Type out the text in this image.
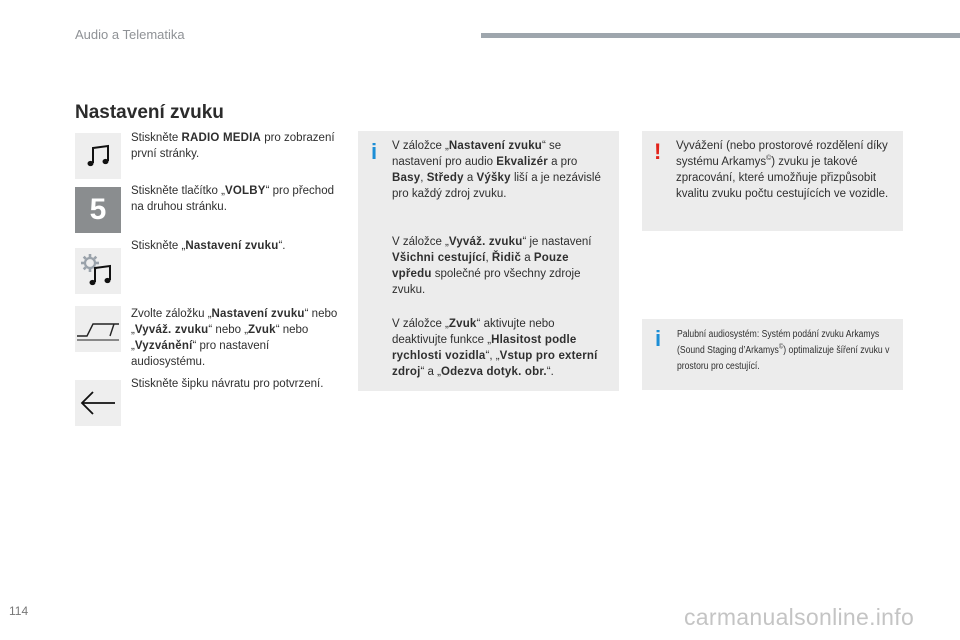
Audio a Telematika
Nastavení zvuku
Stiskněte RADIO MEDIA pro zobrazení první stránky.
5
Stiskněte tlačítko „VOLBY“ pro přechod na druhou stránku.
Stiskněte „Nastavení zvuku“.
Zvolte záložku „Nastavení zvuku“ nebo „Vyváž. zvuku“ nebo „Zvuk“ nebo „Vyzvánění“ pro nastavení audiosystému.
Stiskněte šipku návratu pro potvrzení.
i V záložce „Nastavení zvuku“ se nastavení pro audio Ekvalizér a pro Basy, Středy a Výšky liší a je nezávislé pro každý zdroj zvuku.
V záložce „Vyváž. zvuku“ je nastavení Všichni cestující, Řidič a Pouze vpředu společné pro všechny zdroje zvuku.
V záložce „Zvuk“ aktivujte nebo deaktivujte funkce „Hlasitost podle rychlosti vozidla“, „Vstup pro externí zdroj“ a „Odezva dotyk. obr.“.
! Vyvážení (nebo prostorové rozdělení díky systému Arkamys©) zvuku je takové zpracování, které umožňuje přizpůsobit kvalitu zvuku počtu cestujících ve vozidle.
i Palubní audiosystém: Systém podání zvuku Arkamys (Sound Staging d’Arkamys©) optimalizuje šíření zvuku v prostoru pro cestující.
114	carmanualsonline.info
